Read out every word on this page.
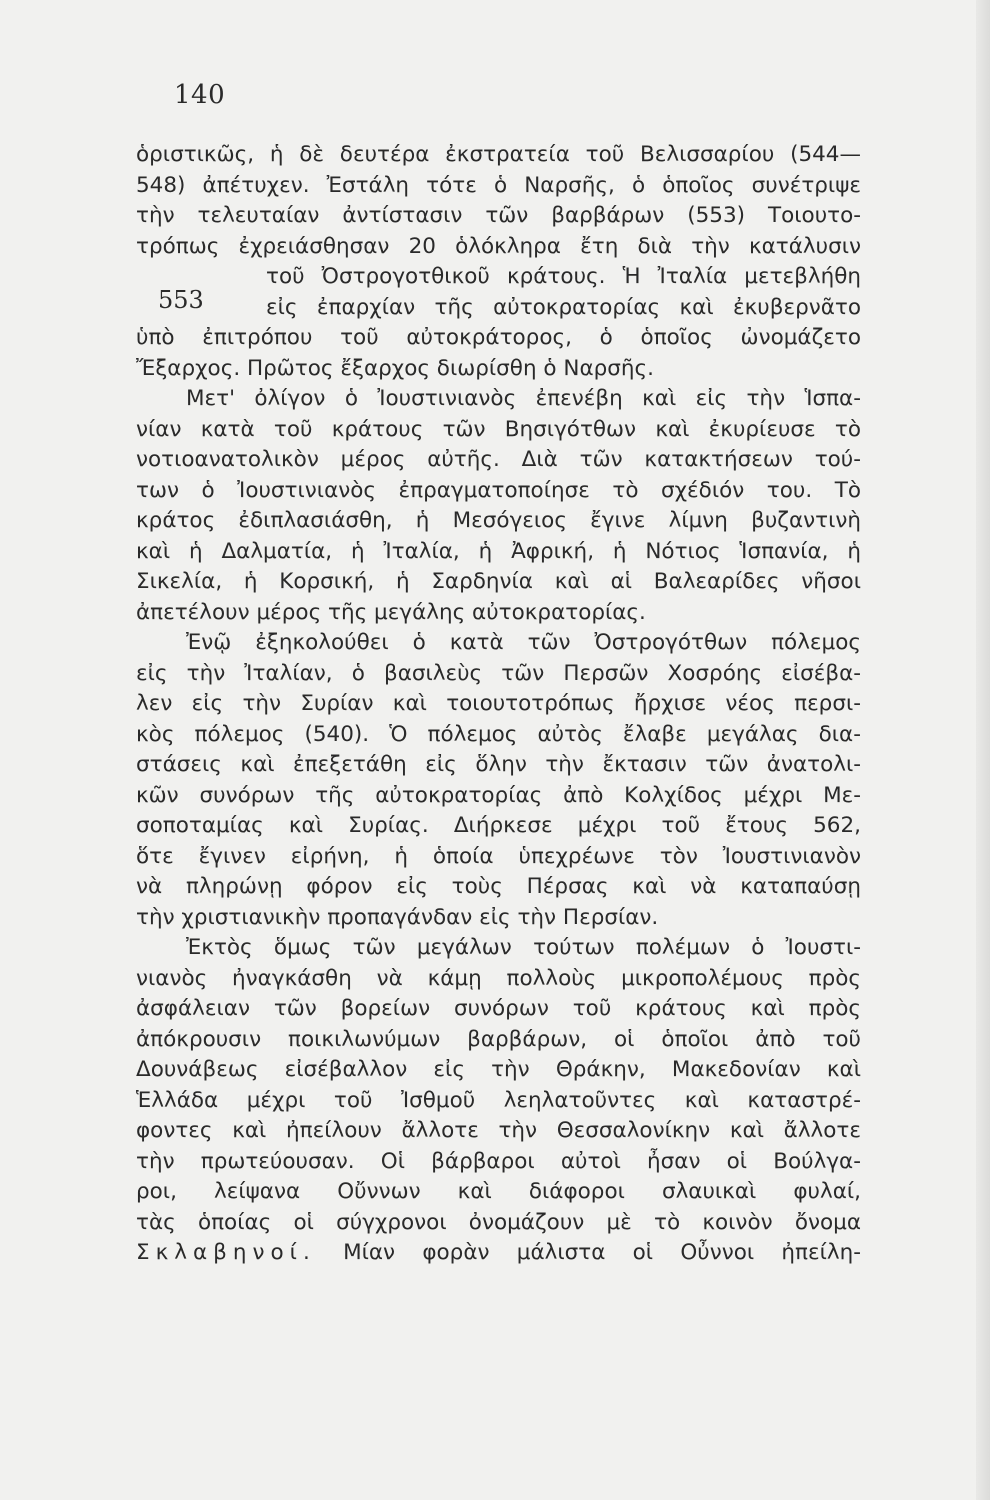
140
553
ὁριστικῶς, ἡ δὲ δευτέρα ἐκστρατεία τοῦ Βελισσαρίου (544—
548) ἀπέτυχεν. Ἐστάλη τότε ὁ Ναρσῆς, ὁ ὁποῖος συνέτριψε
τὴν τελευταίαν ἀντίστασιν τῶν βαρβάρων (553) Τοιουτο-
τρόπως ἐχρειάσθησαν 20 ὁλόκληρα ἔτη διὰ τὴν κατάλυσιν
τοῦ Ὀστρογοτθικοῦ κράτους. Ἡ Ἰταλία μετεβλήθη
εἰς ἐπαρχίαν τῆς αὐτοκρατορίας καὶ ἐκυβερνᾶτο
ὑπὸ ἐπιτρόπου τοῦ αὐτοκράτορος, ὁ ὁποῖος ὠνομάζετο
Ἔξαρχος. Πρῶτος ἔξαρχος διωρίσθη ὁ Ναρσῆς.
Μετ' ὀλίγον ὁ Ἰουστινιανὸς ἐπενέβη καὶ εἰς τὴν Ἱσπα-
νίαν κατὰ τοῦ κράτους τῶν Βησιγότθων καὶ ἐκυρίευσε τὸ
νοτιοανατολικὸν μέρος αὐτῆς. Διὰ τῶν κατακτήσεων τού-
των ὁ Ἰουστινιανὸς ἐπραγματοποίησε τὸ σχέδιόν του. Τὸ
κράτος ἐδιπλασιάσθη, ἡ Μεσόγειος ἔγινε λίμνη βυζαντινὴ
καὶ ἡ Δαλματία, ἡ Ἰταλία, ἡ Ἀφρική, ἡ Νότιος Ἱσπανία, ἡ
Σικελία, ἡ Κορσική, ἡ Σαρδηνία καὶ αἱ Βαλεαρίδες νῆσοι
ἀπετέλουν μέρος τῆς μεγάλης αὐτοκρατορίας.
Ἐνῷ ἐξηκολούθει ὁ κατὰ τῶν Ὀστρογότθων πόλεμος
εἰς τὴν Ἰταλίαν, ὁ βασιλεὺς τῶν Περσῶν Χοσρόης εἰσέβα-
λεν εἰς τὴν Συρίαν καὶ τοιουτοτρόπως ἤρχισε νέος περσι-
κὸς πόλεμος (540). Ὁ πόλεμος αὐτὸς ἔλαβε μεγάλας δια-
στάσεις καὶ ἐπεξετάθη εἰς ὅλην τὴν ἔκτασιν τῶν ἀνατολι-
κῶν συνόρων τῆς αὐτοκρατορίας ἀπὸ Κολχίδος μέχρι Με-
σοποταμίας καὶ Συρίας. Διήρκεσε μέχρι τοῦ ἔτους 562,
ὅτε ἔγινεν εἰρήνη, ἡ ὁποία ὑπεχρέωνε τὸν Ἰουστινιανὸν
νὰ πληρώνῃ φόρον εἰς τοὺς Πέρσας καὶ νὰ καταπαύσῃ
τὴν χριστιανικὴν προπαγάνδαν εἰς τὴν Περσίαν.
Ἐκτὸς ὅμως τῶν μεγάλων τούτων πολέμων ὁ Ἰουστι-
νιανὸς ἠναγκάσθη νὰ κάμῃ πολλοὺς μικροπολέμους πρὸς
ἀσφάλειαν τῶν βορείων συνόρων τοῦ κράτους καὶ πρὸς
ἀπόκρουσιν ποικιλωνύμων βαρβάρων, οἱ ὁποῖοι ἀπὸ τοῦ
Δουνάβεως εἰσέβαλλον εἰς τὴν Θράκην, Μακεδονίαν καὶ
Ἑλλάδα μέχρι τοῦ Ἰσθμοῦ λεηλατοῦντες καὶ καταστρέ-
φοντες καὶ ἠπείλουν ἄλλοτε τὴν Θεσσαλονίκην καὶ ἄλλοτε
τὴν πρωτεύουσαν. Οἱ βάρβαροι αὐτοὶ ἦσαν οἱ Βούλγα-
ροι, λείψανα Οὔννων καὶ διάφοροι σλαυικαὶ φυλαί,
τὰς ὁποίας οἱ σύγχρονοι ὀνομάζουν μὲ τὸ κοινὸν ὄνομα
Σκλαβηνοί. Μίαν φορὰν μάλιστα οἱ Οὖννοι ἠπείλη-
